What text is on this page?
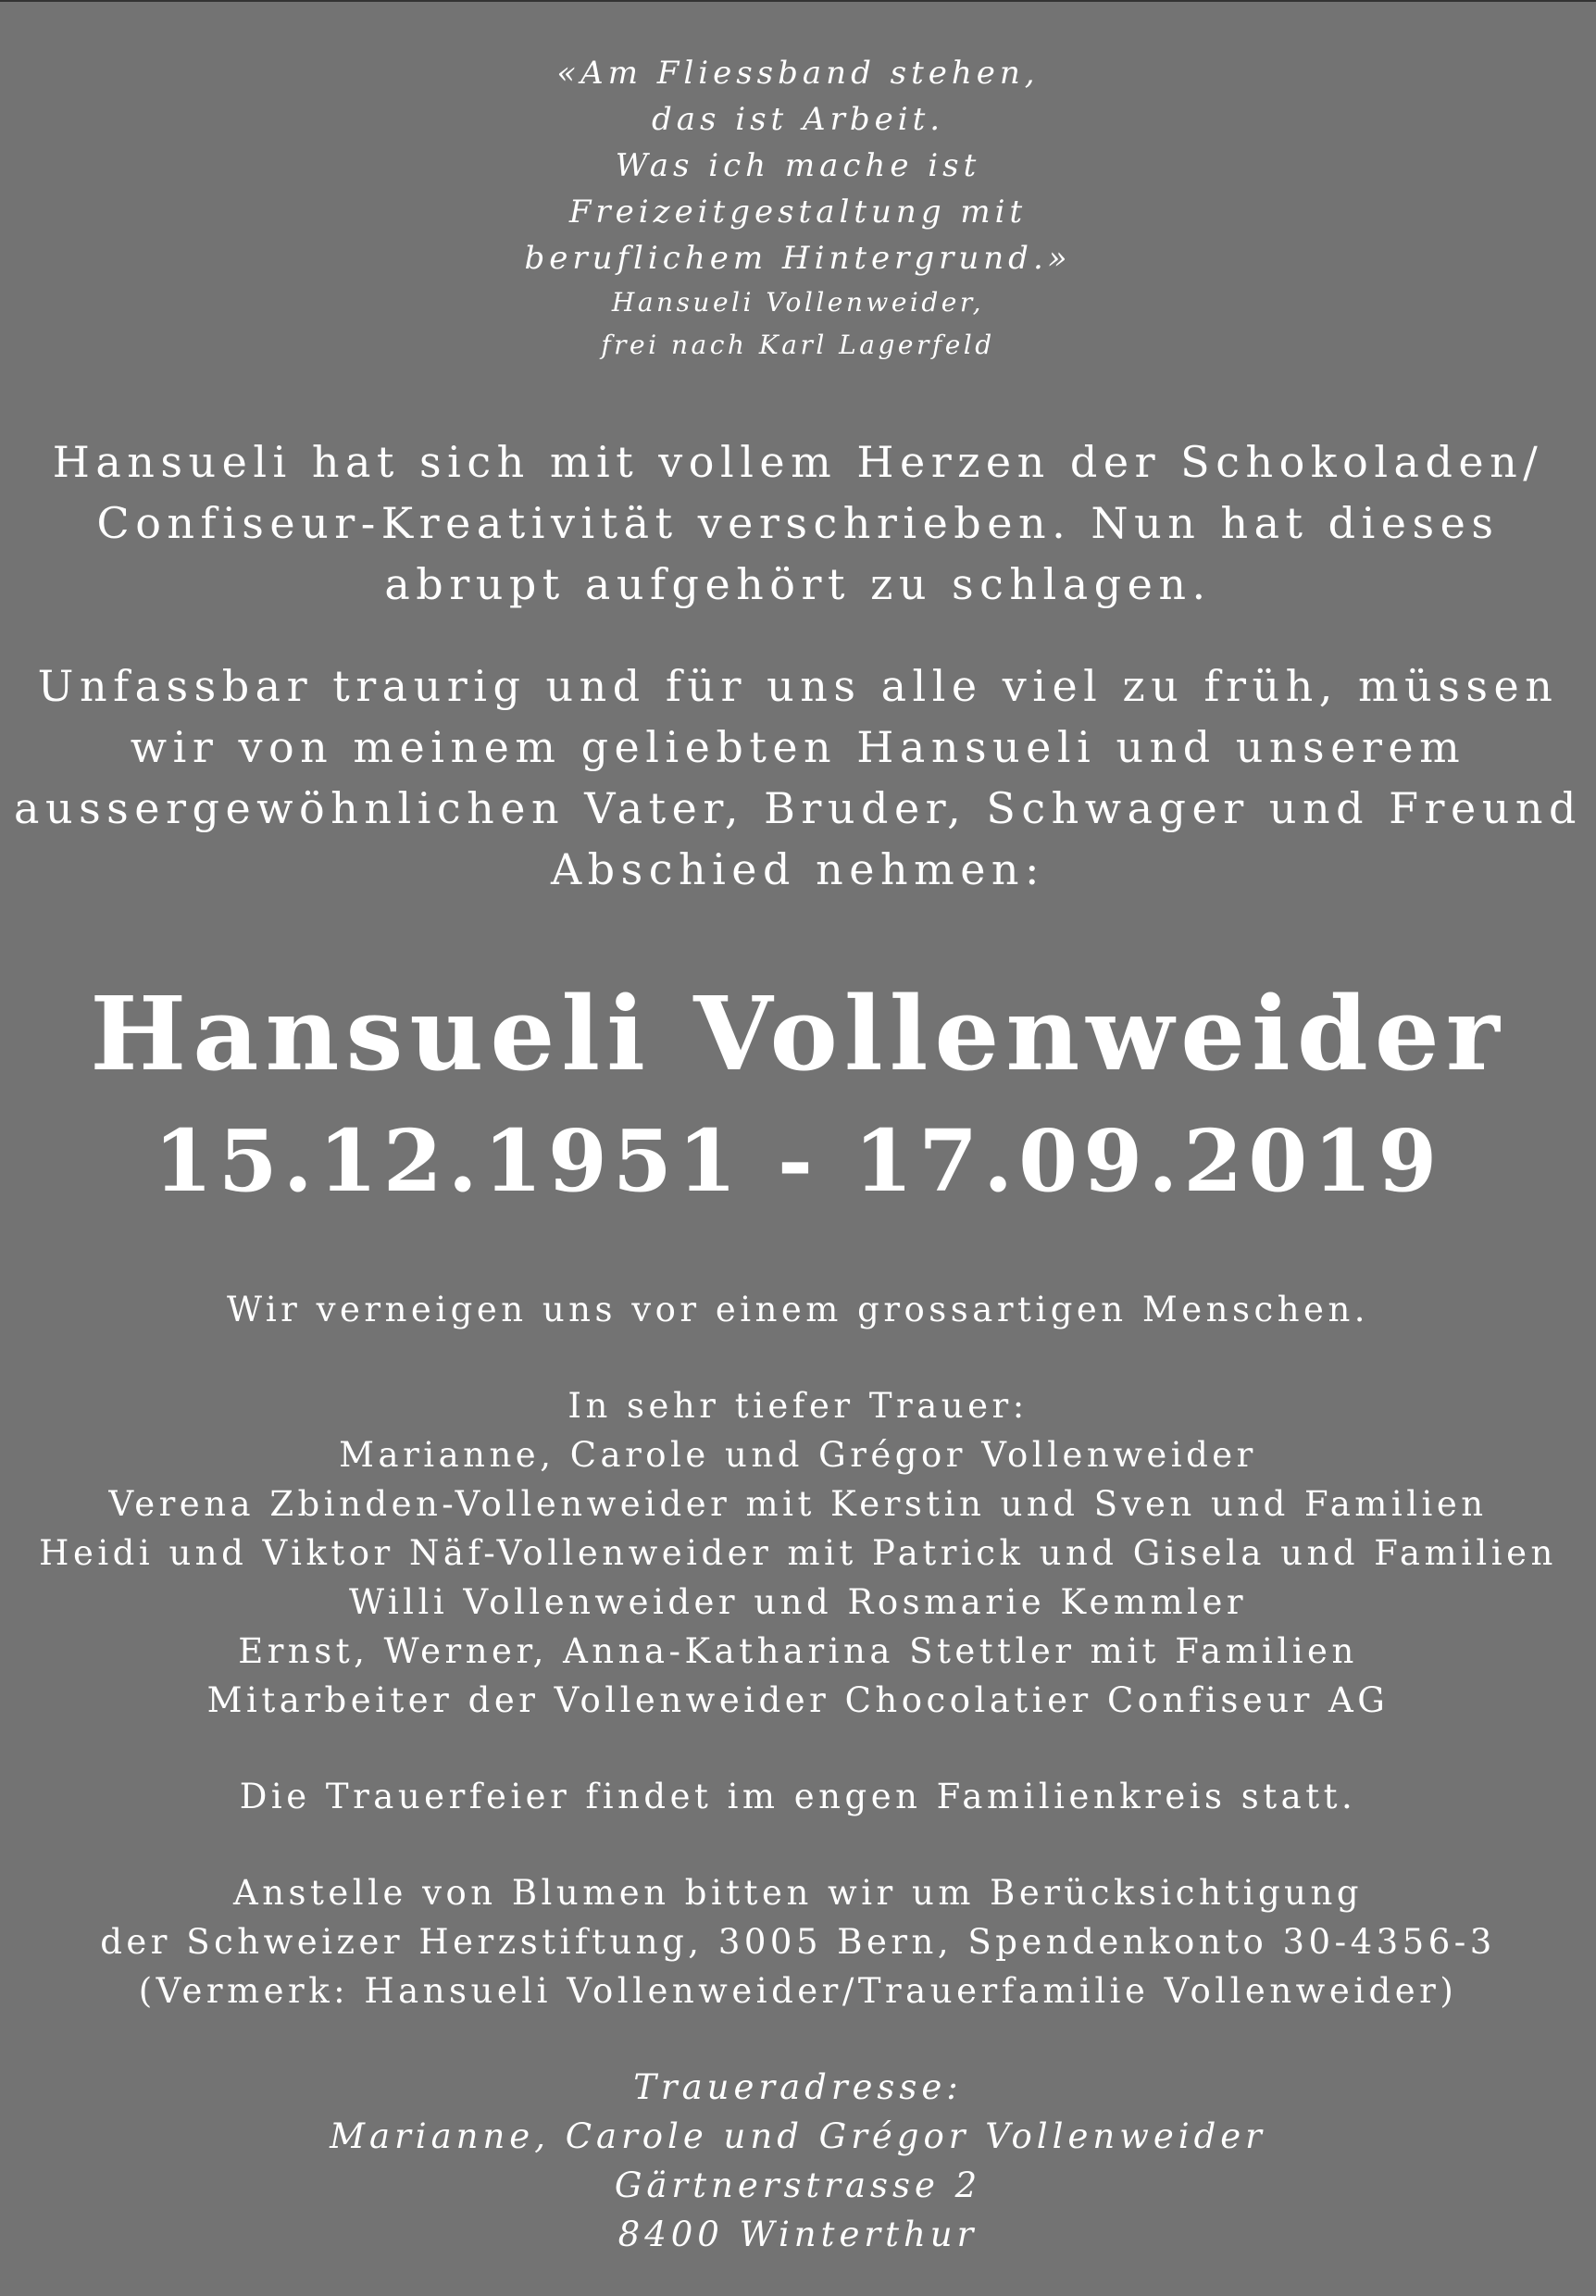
«Am Fliessband stehen,
das ist Arbeit.
Was ich mache ist
Freizeitgestaltung mit
beruflichem Hintergrund.»
Hansueli Vollenweider,
frei nach Karl Lagerfeld
Hansueli hat sich mit vollem Herzen der Schokoladen/
Confiseur-Kreativität verschrieben. Nun hat dieses
abrupt aufgehört zu schlagen.
Unfassbar traurig und für uns alle viel zu früh, müssen
wir von meinem geliebten Hansueli und unserem
aussergewöhnlichen Vater, Bruder, Schwager und Freund
Abschied nehmen:
Hansueli Vollenweider
15.12.1951 - 17.09.2019
Wir verneigen uns vor einem grossartigen Menschen.
In sehr tiefer Trauer:
Marianne, Carole und Grégor Vollenweider
Verena Zbinden-Vollenweider mit Kerstin und Sven und Familien
Heidi und Viktor Näf-Vollenweider mit Patrick und Gisela und Familien
Willi Vollenweider und Rosmarie Kemmler
Ernst, Werner, Anna-Katharina Stettler mit Familien
Mitarbeiter der Vollenweider Chocolatier Confiseur AG
Die Trauerfeier findet im engen Familienkreis statt.
Anstelle von Blumen bitten wir um Berücksichtigung
der Schweizer Herzstiftung, 3005 Bern, Spendenkonto 30-4356-3
(Vermerk: Hansueli Vollenweider/Trauerfamilie Vollenweider)
Traueradresse:
Marianne, Carole und Grégor Vollenweider
Gärtnerstrasse 2
8400 Winterthur
